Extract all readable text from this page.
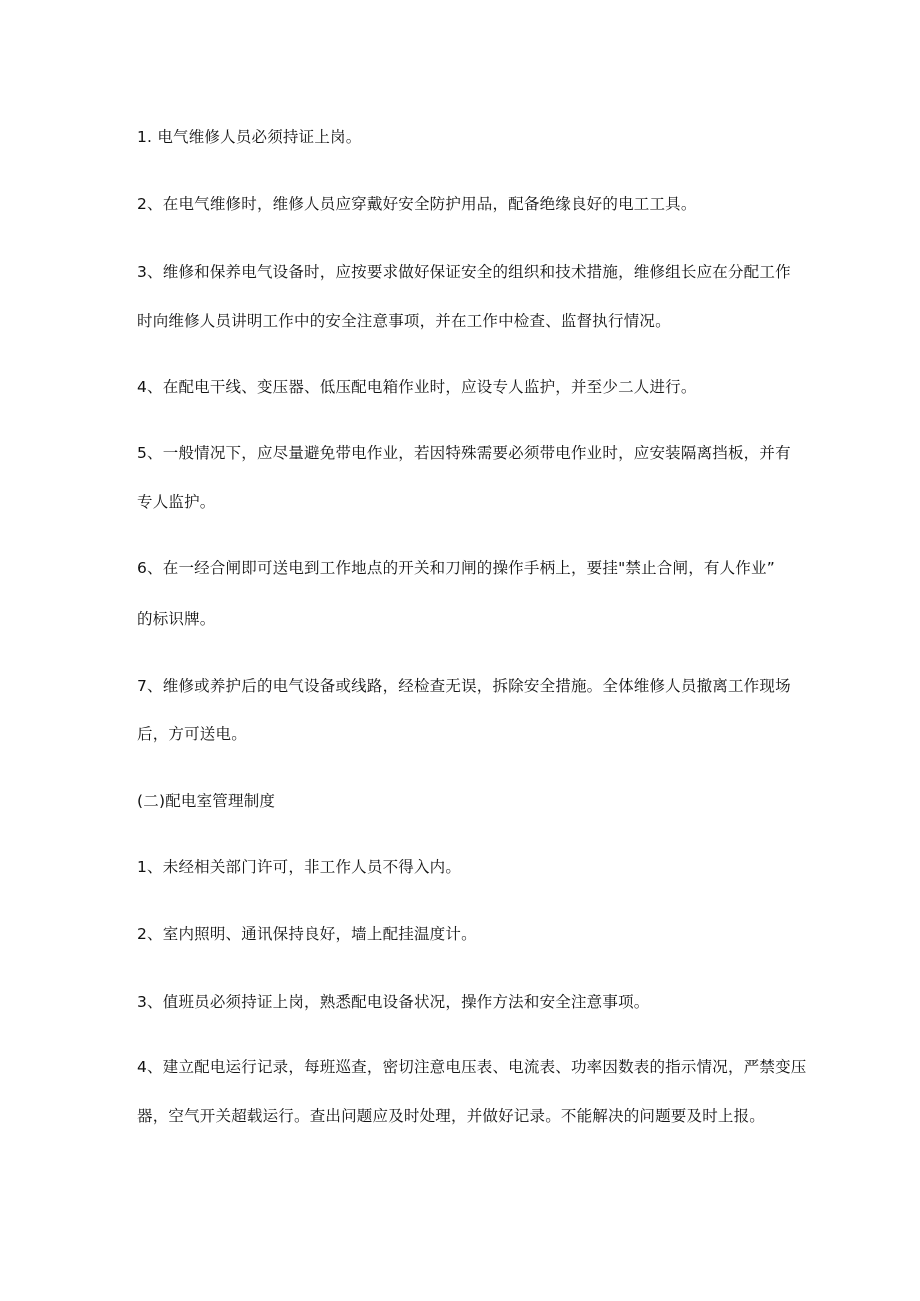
1. 电气维修人员必须持证上岗。
2、在电气维修时，维修人员应穿戴好安全防护用品，配备绝缘良好的电工工具。
3、维修和保养电气设备时，应按要求做好保证安全的组织和技术措施，维修组长应在分配工作
时向维修人员讲明工作中的安全注意事项，并在工作中检查、监督执行情况。
4、在配电干线、变压器、低压配电箱作业时，应设专人监护，并至少二人进行。
5、一般情况下，应尽量避免带电作业，若因特殊需要必须带电作业时，应安装隔离挡板，并有
专人监护。
6、在一经合闸即可送电到工作地点的开关和刀闸的操作手柄上，要挂"禁止合闸，有人作业”
的标识牌。
7、维修或养护后的电气设备或线路，经检查无误，拆除安全措施。全体维修人员撤离工作现场
后，方可送电。
(二)配电室管理制度
1、未经相关部门许可，非工作人员不得入内。
2、室内照明、通讯保持良好，墙上配挂温度计。
3、值班员必须持证上岗，熟悉配电设备状况，操作方法和安全注意事项。
4、建立配电运行记录，每班巡查，密切注意电压表、电流表、功率因数表的指示情况，严禁变压
器，空气开关超载运行。查出问题应及时处理，并做好记录。不能解决的问题要及时上报。
